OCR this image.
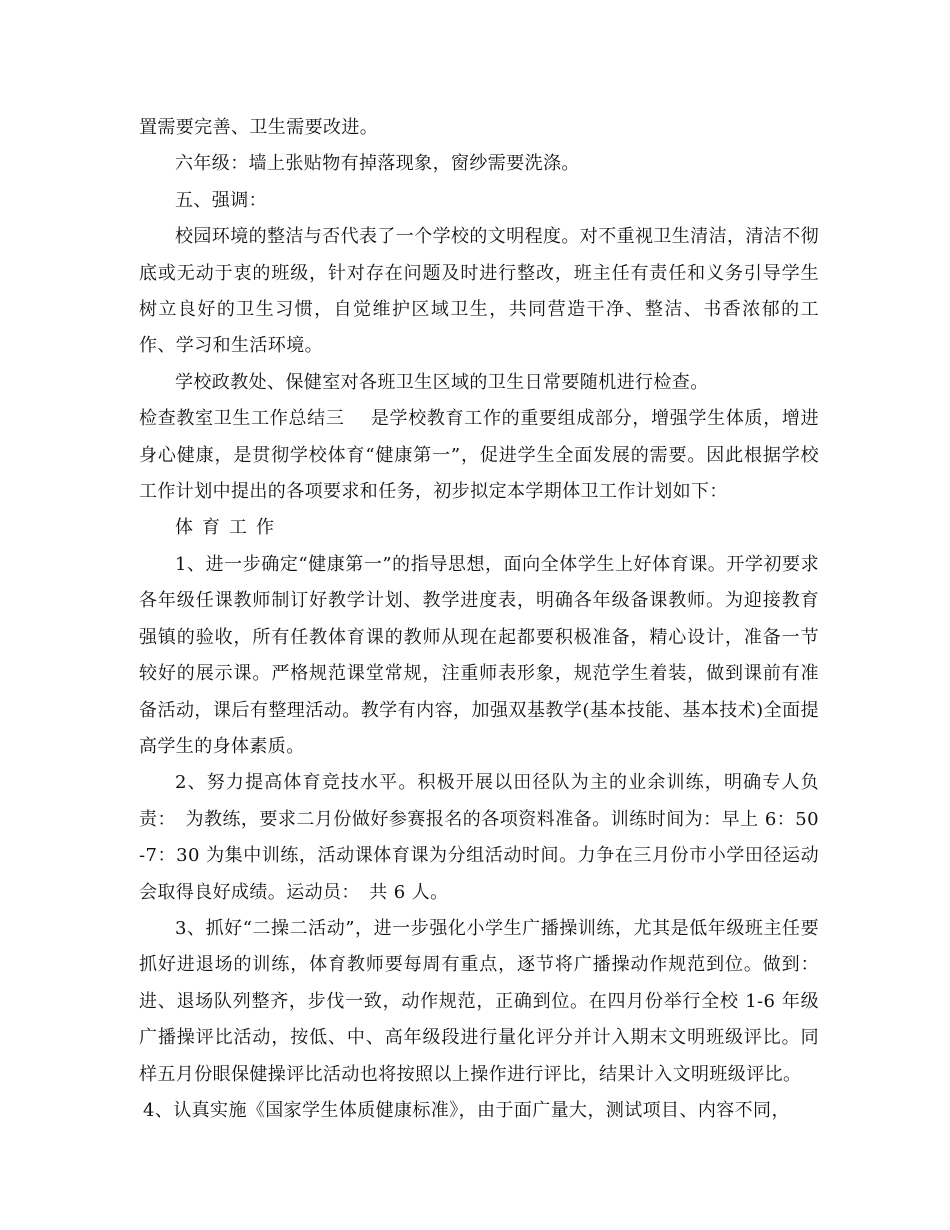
置需要完善、卫生需要改进。

六年级：墙上张贴物有掉落现象，窗纱需要洗涤。

五、强调：

校园环境的整洁与否代表了一个学校的文明程度。对不重视卫生清洁，清洁不彻底或无动于衷的班级，针对存在问题及时进行整改，班主任有责任和义务引导学生树立良好的卫生习惯，自觉维护区域卫生，共同营造干净、整洁、书香浓郁的工作、学习和生活环境。

学校政教处、保健室对各班卫生区域的卫生日常要随机进行检查。

检查教室卫生工作总结三 是学校教育工作的重要组成部分，增强学生体质，增进身心健康，是贯彻学校体育“健康第一”，促进学生全面发展的需要。因此根据学校工作计划中提出的各项要求和任务，初步拟定本学期体卫工作计划如下：

体育工作

1、进一步确定“健康第一”的指导思想，面向全体学生上好体育课。开学初要求各年级任课教师制订好教学计划、教学进度表，明确各年级备课教师。为迎接教育强镇的验收，所有任教体育课的教师从现在起都要积极准备，精心设计，准备一节较好的展示课。严格规范课堂常规，注重师表形象，规范学生着装，做到课前有准备活动，课后有整理活动。教学有内容，加强双基教学(基本技能、基本技术)全面提高学生的身体素质。

2、努力提高体育竞技水平。积极开展以田径队为主的业余训练，明确专人负责：　为教练，要求二月份做好参赛报名的各项资料准备。训练时间为：早上 6：50-7：30 为集中训练，活动课体育课为分组活动时间。力争在三月份市小学田径运动会取得良好成绩。运动员：　共 6 人。

3、抓好“二操二活动”，进一步强化小学生广播操训练，尤其是低年级班主任要抓好进退场的训练，体育教师要每周有重点，逐节将广播操动作规范到位。做到：进、退场队列整齐，步伐一致，动作规范，正确到位。在四月份举行全校 1-6 年级广播操评比活动，按低、中、高年级段进行量化评分并计入期末文明班级评比。同样五月份眼保健操评比活动也将按照以上操作进行评比，结果计入文明班级评比。

4、认真实施《国家学生体质健康标准》，由于面广量大，测试项目、内容不同，
